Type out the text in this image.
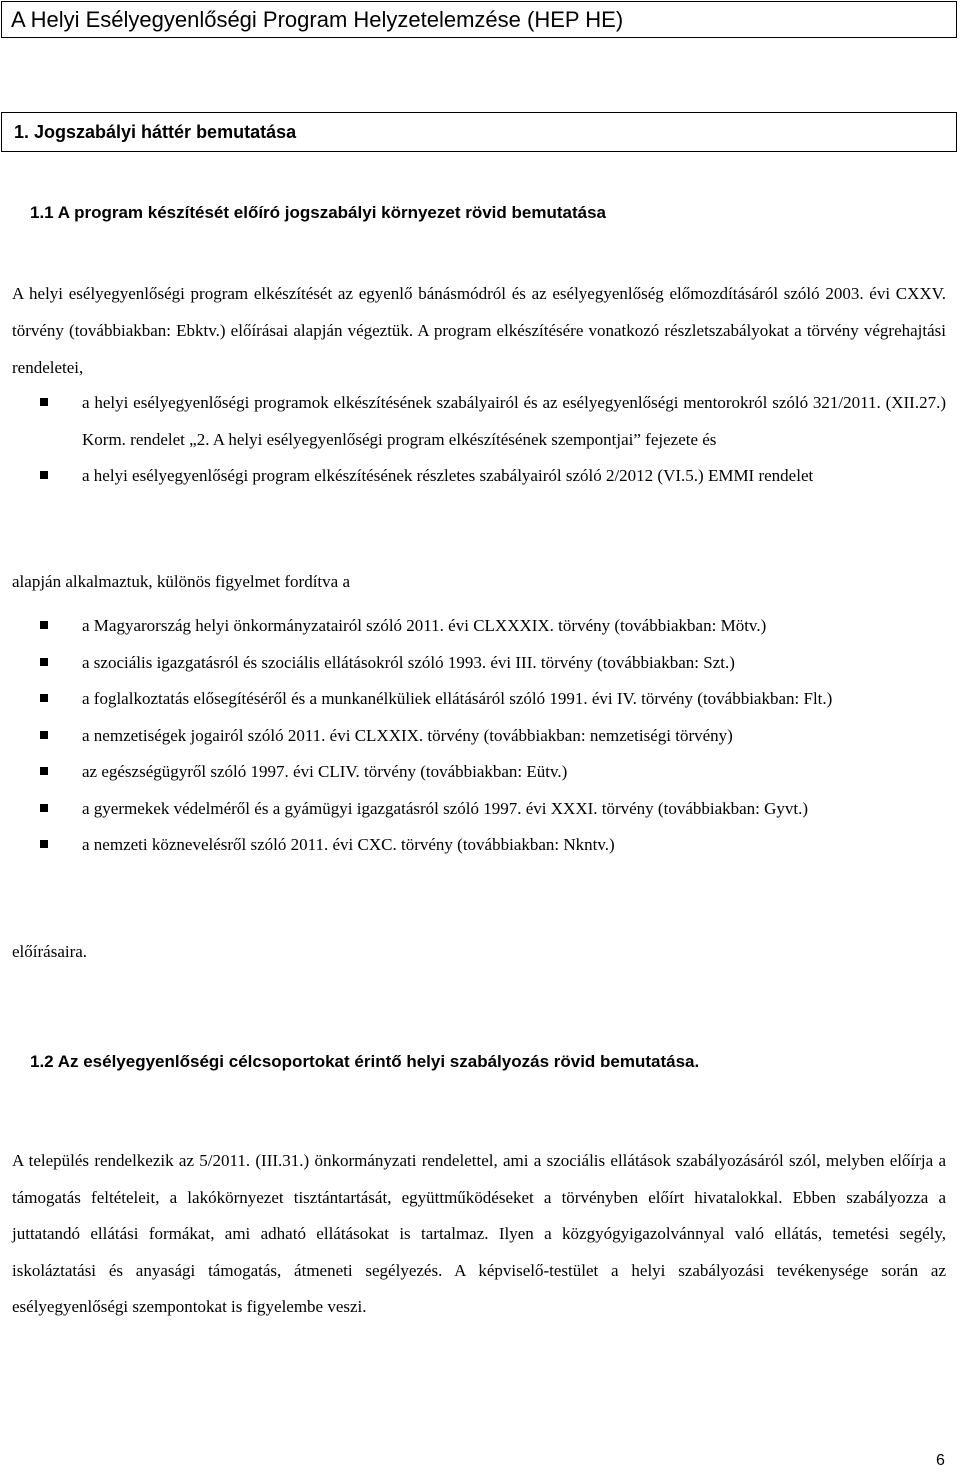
A Helyi Esélyegyenlőségi Program Helyzetelemzése (HEP HE)
1. Jogszabályi háttér bemutatása
1.1 A program készítését előíró jogszabályi környezet rövid bemutatása
A helyi esélyegyenlőségi program elkészítését az egyenlő bánásmódról és az esélyegyenlőség előmozdításáról szóló 2003. évi CXXV. törvény (továbbiakban: Ebktv.) előírásai alapján végeztük. A program elkészítésére vonatkozó részletszabályokat a törvény végrehajtási rendeletei,
a helyi esélyegyenlőségi programok elkészítésének szabályairól és az esélyegyenlőségi mentorokról szóló 321/2011. (XII.27.) Korm. rendelet „2. A helyi esélyegyenlőségi program elkészítésének szempontjai” fejezete és
a helyi esélyegyenlőségi program elkészítésének részletes szabályairól szóló 2/2012 (VI.5.) EMMI rendelet
alapján alkalmaztuk, különös figyelmet fordítva a
a Magyarország helyi önkormányzatairól szóló 2011. évi CLXXXIX. törvény (továbbiakban: Mötv.)
a szociális igazgatásról és szociális ellátásokról szóló 1993. évi III. törvény (továbbiakban: Szt.)
a foglalkoztatás elősegítéséről és a munkanélküliek ellátásáról szóló 1991. évi IV. törvény (továbbiakban: Flt.)
a nemzetiségek jogairól szóló 2011. évi CLXXIX. törvény (továbbiakban: nemzetiségi törvény)
az egészségügyről szóló 1997. évi CLIV. törvény (továbbiakban: Eütv.)
a gyermekek védelméről és a gyámügyi igazgatásról szóló 1997. évi XXXI. törvény (továbbiakban: Gyvt.)
a nemzeti köznevelésről szóló 2011. évi CXC. törvény (továbbiakban: Nkntv.)
előírásaira.
1.2 Az esélyegyenlőségi célcsoportokat érintő helyi szabályozás rövid bemutatása.
A település rendelkezik az 5/2011. (III.31.) önkormányzati rendelettel, ami a szociális ellátások szabályozásáról szól, melyben előírja a támogatás feltételeit, a lakókörnyezet tisztántartását, együttműködéseket a törvényben előírt hivatalokkal. Ebben szabályozza a juttatandó ellátási formákat, ami adható ellátásokat is tartalmaz. Ilyen a közgyógyigazolvánnyal való ellátás, temetési segély, iskoláztatási és anyasági támogatás, átmeneti segélyezés. A képviselő-testület a helyi szabályozási tevékenysége során az esélyegyenlőségi szempontokat is figyelembe veszi.
6
